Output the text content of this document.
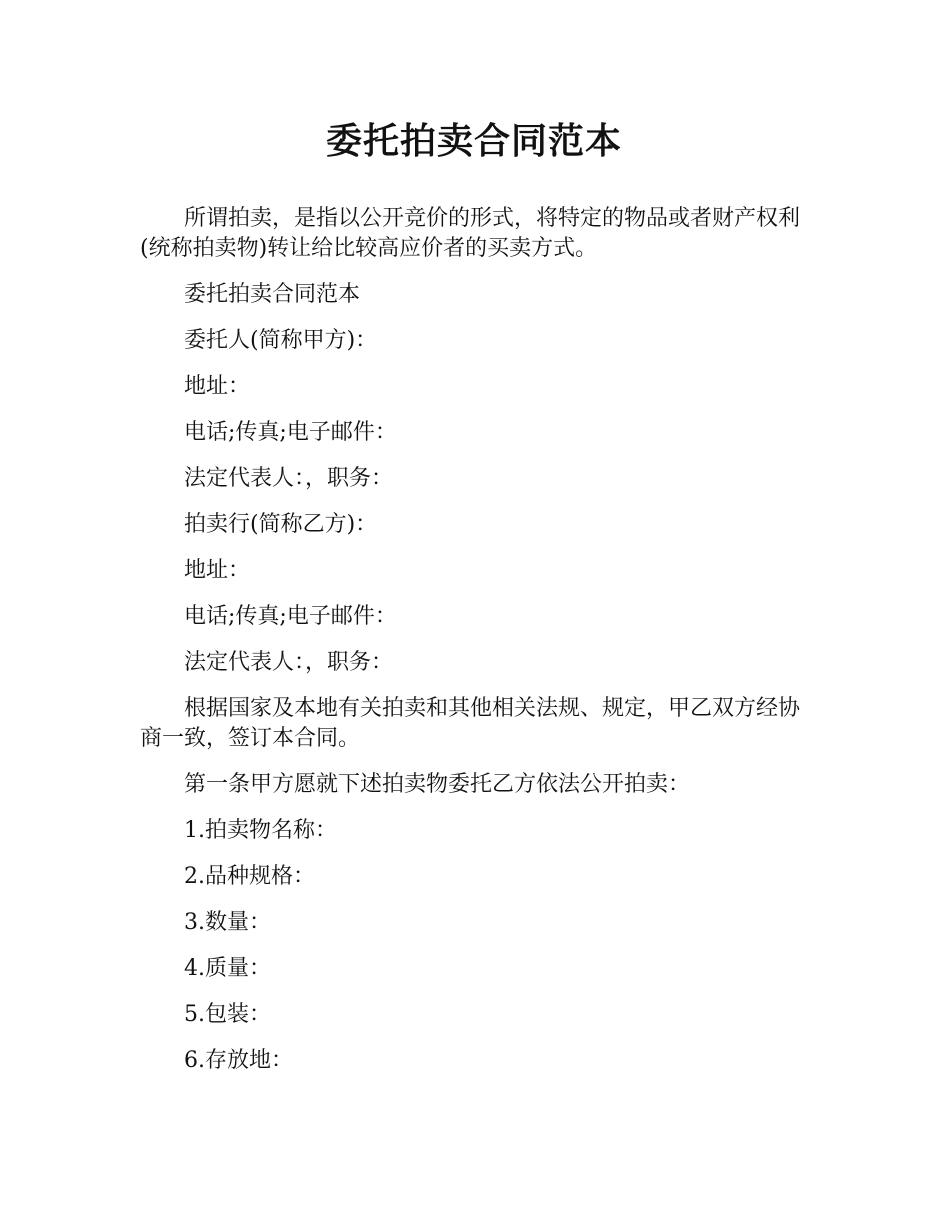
委托拍卖合同范本

所谓拍卖，是指以公开竞价的形式，将特定的物品或者财产权利(统称拍卖物)转让给比较高应价者的买卖方式。

委托拍卖合同范本

委托人(简称甲方)：

地址：

电话;传真;电子邮件：

法定代表人：，职务：

拍卖行(简称乙方)：

地址：

电话;传真;电子邮件：

法定代表人：，职务：

根据国家及本地有关拍卖和其他相关法规、规定，甲乙双方经协商一致，签订本合同。

第一条甲方愿就下述拍卖物委托乙方依法公开拍卖：

1.拍卖物名称：

2.品种规格：

3.数量：

4.质量：

5.包装：

6.存放地：
